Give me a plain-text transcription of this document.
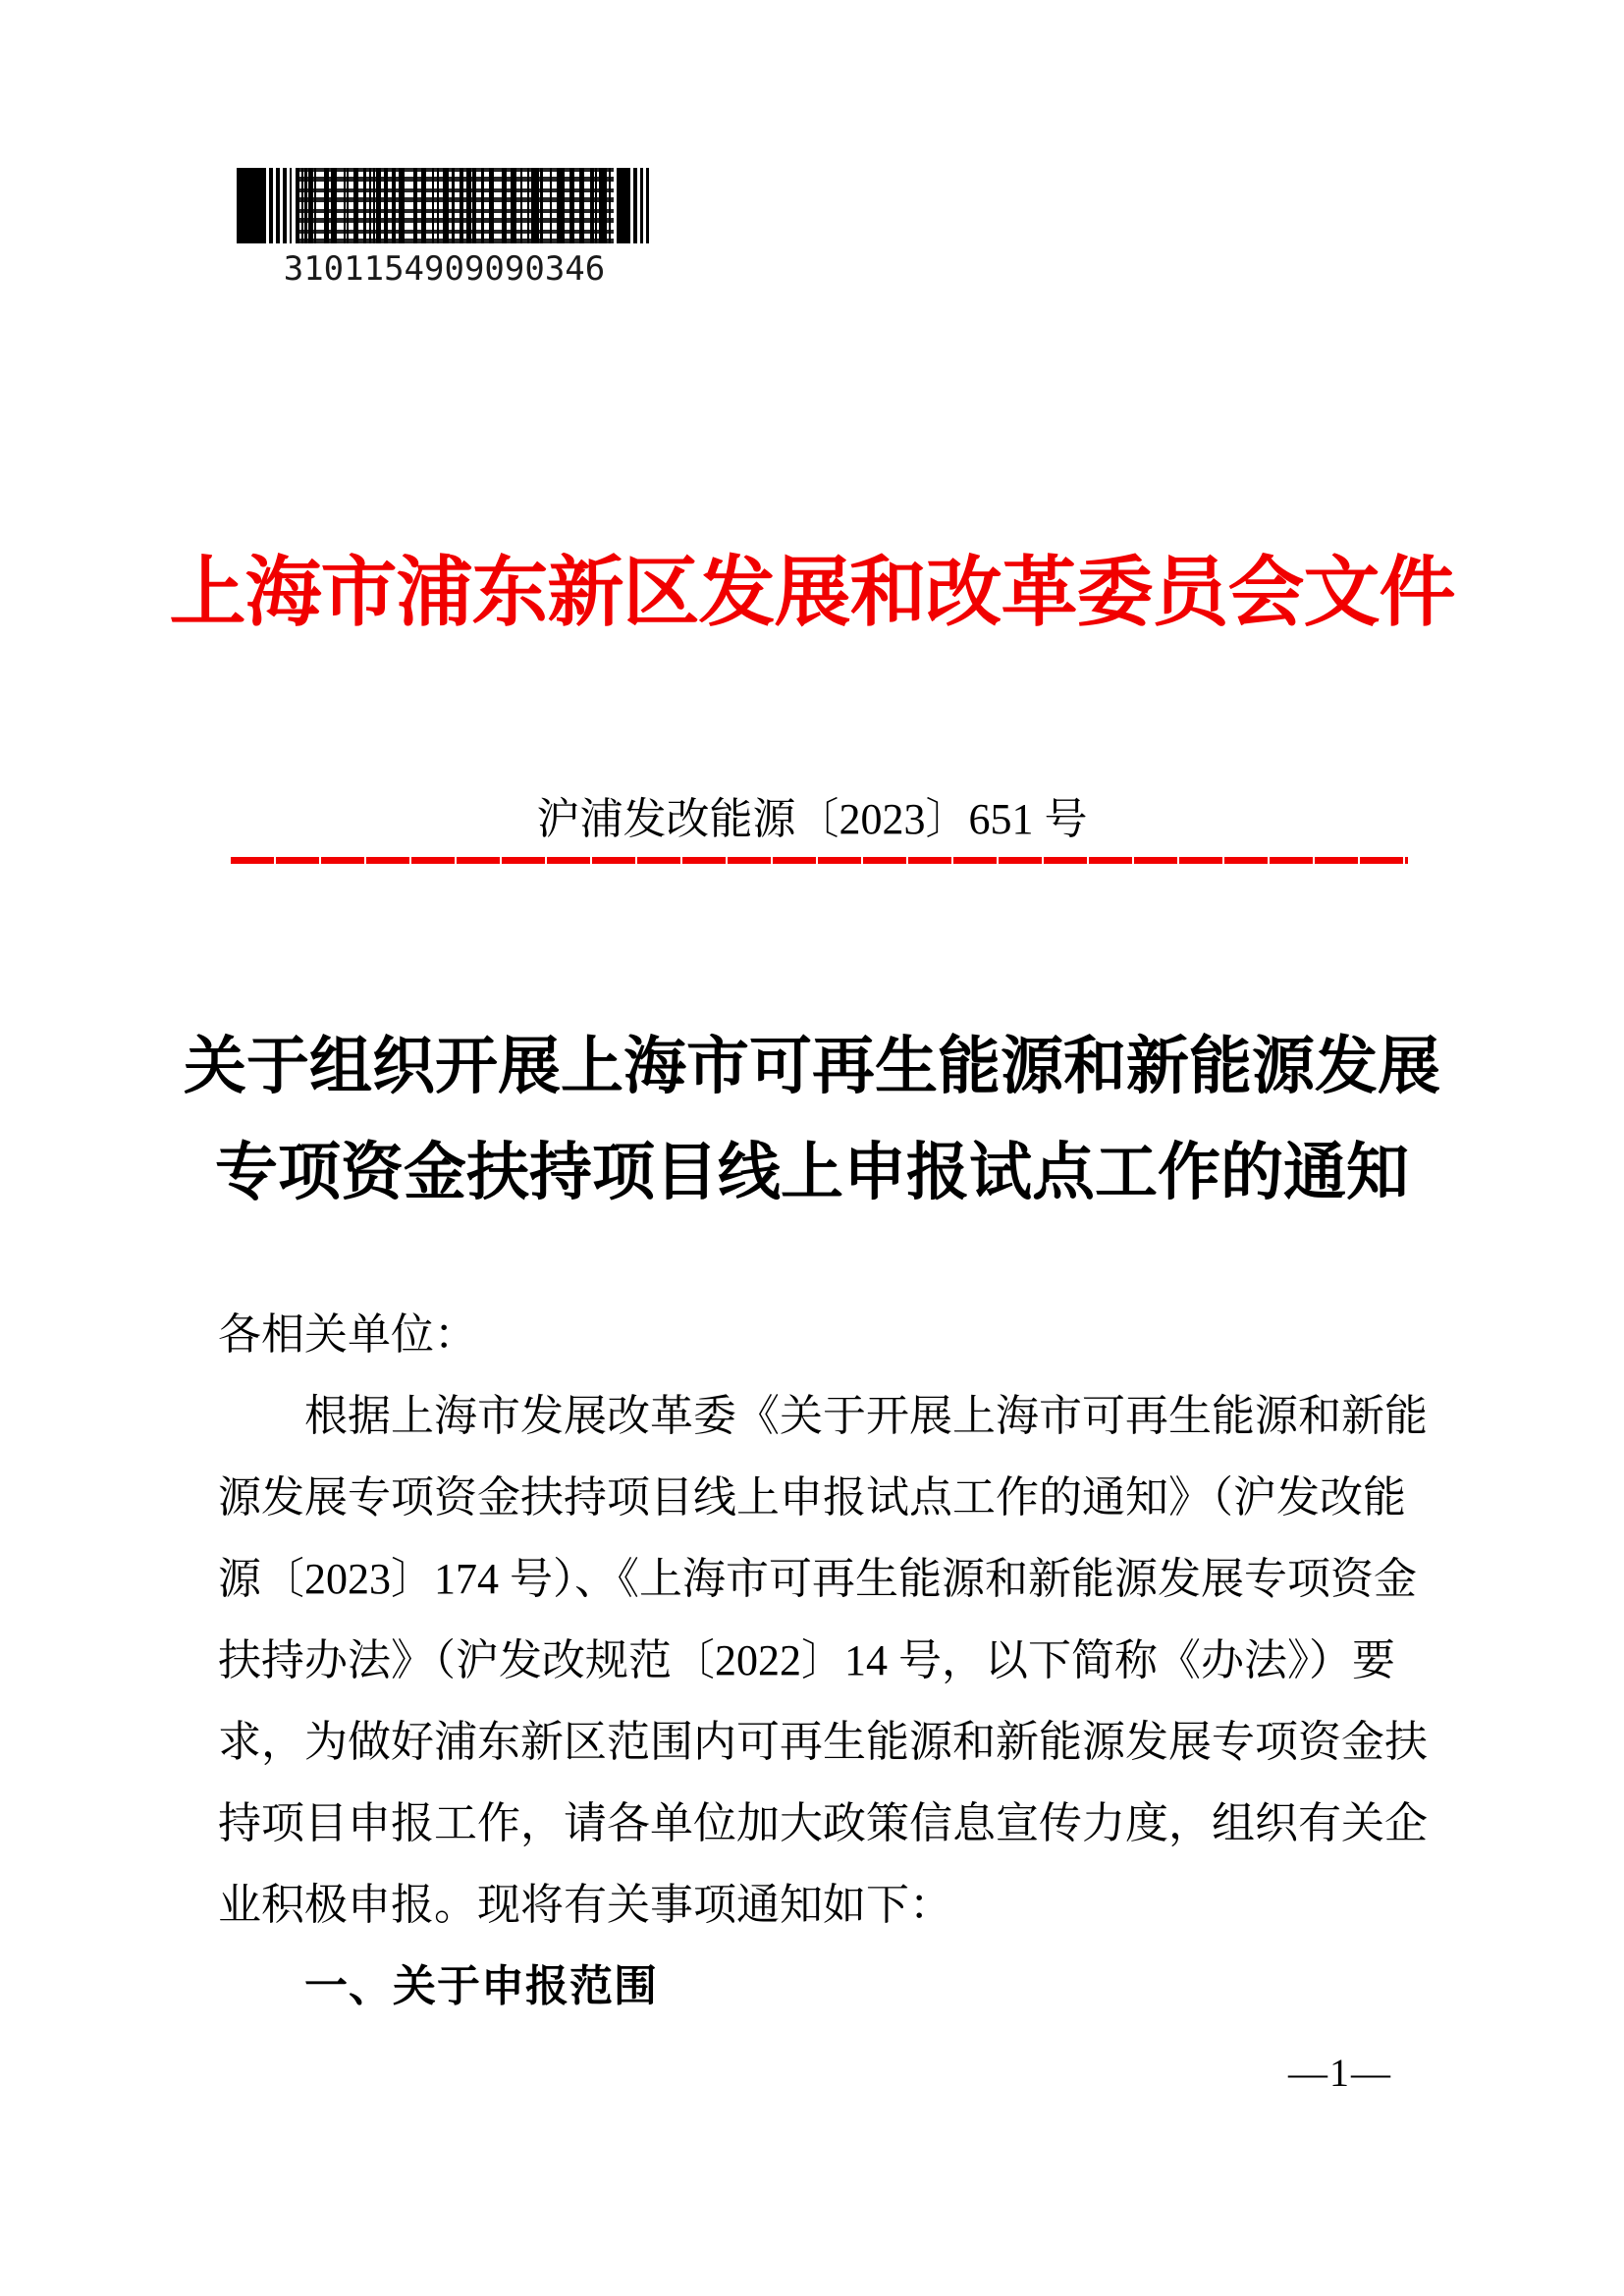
3101154909090346
上海市浦东新区发展和改革委员会文件
沪浦发改能源〔2023〕651 号
关于组织开展上海市可再生能源和新能源发展
专项资金扶持项目线上申报试点工作的通知
各相关单位：
根据上海市发展改革委《关于开展上海市可再生能源和新能
源发展专项资金扶持项目线上申报试点工作的通知》（沪发改能
源〔2023〕174 号）、《上海市可再生能源和新能源发展专项资金
扶持办法》（沪发改规范〔2022〕14 号，以下简称《办法》）要
求，为做好浦东新区范围内可再生能源和新能源发展专项资金扶
持项目申报工作，请各单位加大政策信息宣传力度，组织有关企
业积极申报。现将有关事项通知如下：
一、关于申报范围
—1—
